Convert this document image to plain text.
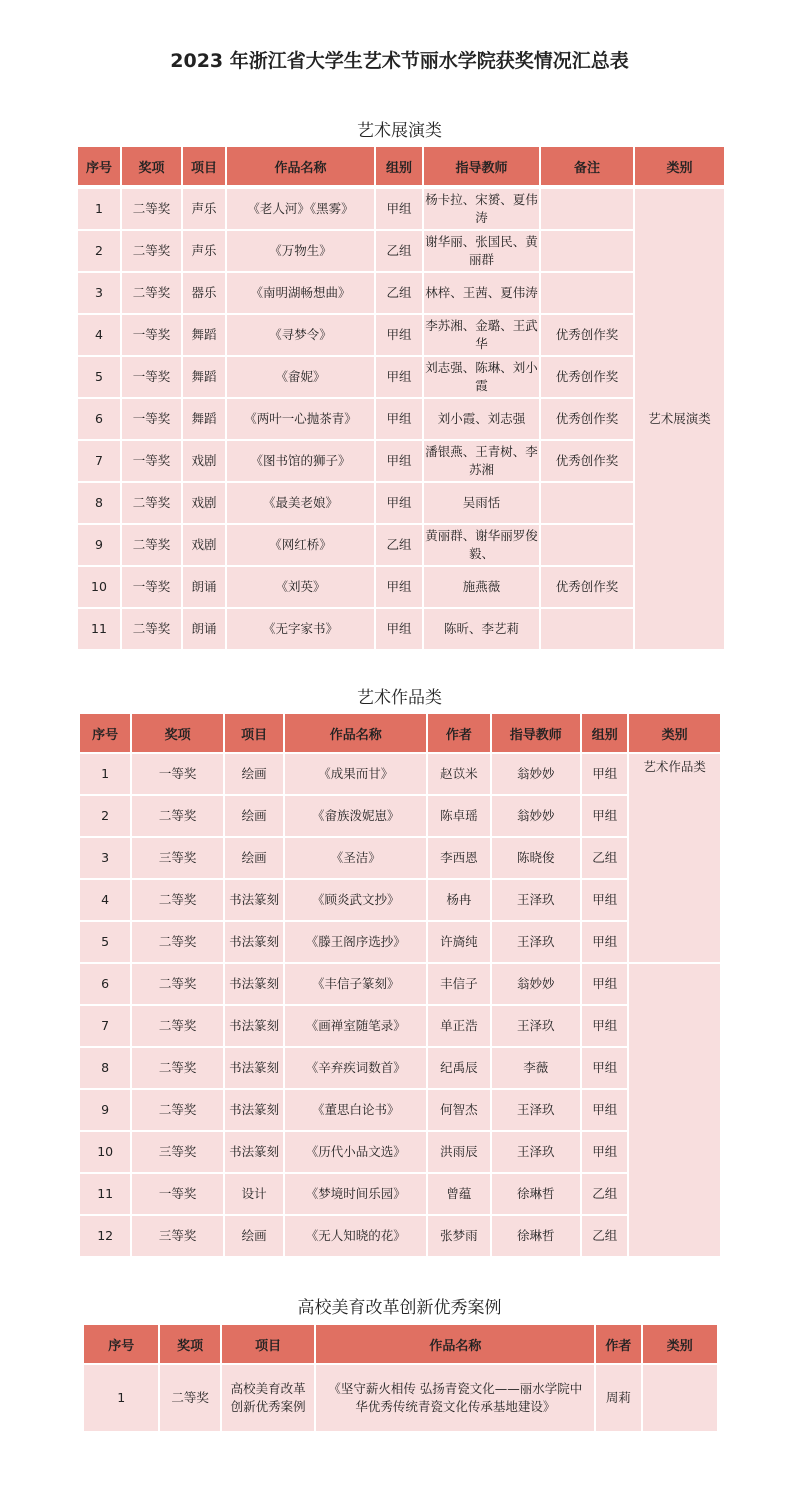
2023 年浙江省大学生艺术节丽水学院获奖情况汇总表
艺术展演类
序号	奖项	项目	作品名称	组别	指导教师	备注	类别

1	二等奖	声乐	《老人河》《黑雾》	甲组	杨卡拉、宋赟、夏伟涛		艺术展演类
2	二等奖	声乐	《万物生》	乙组	谢华丽、张国民、黄丽群		
3	二等奖	器乐	《南明湖畅想曲》	乙组	林梓、王茜、夏伟涛		
4	一等奖	舞蹈	《寻梦令》	甲组	李苏湘、金璐、王武华	优秀创作奖	
5	一等奖	舞蹈	《畲妮》	甲组	刘志强、陈琳、刘小霞	优秀创作奖	
6	一等奖	舞蹈	《两叶一心抛茶青》	甲组	刘小霞、刘志强	优秀创作奖	
7	一等奖	戏剧	《图书馆的狮子》	甲组	潘银燕、王青树、李苏湘	优秀创作奖	
8	二等奖	戏剧	《最美老娘》	甲组	吴雨恬		
9	二等奖	戏剧	《网红桥》	乙组	黄丽群、谢华丽罗俊毅、		
10	一等奖	朗诵	《刘英》	甲组	施燕薇	优秀创作奖	
11	二等奖	朗诵	《无字家书》	甲组	陈昕、李艺莉		
艺术作品类
序号	奖项	项目	作品名称	作者	指导教师	组别	类别
1	一等奖	绘画	《成果而甘》	赵苡米	翁妙妙	甲组	艺术作品类
2	二等奖	绘画	《畲族泼妮崽》	陈卓瑶	翁妙妙	甲组	
3	三等奖	绘画	《圣洁》	李西恩	陈晓俊	乙组	
4	二等奖	书法篆刻	《顾炎武文抄》	杨冉	王泽玖	甲组	
5	二等奖	书法篆刻	《滕王阁序选抄》	许旖纯	王泽玖	甲组	
6	二等奖	书法篆刻	《丰信子篆刻》	丰信子	翁妙妙	甲组	
7	二等奖	书法篆刻	《画禅室随笔录》	单正浩	王泽玖	甲组	
8	二等奖	书法篆刻	《辛弃疾词数首》	纪禹辰	李薇	甲组	
9	二等奖	书法篆刻	《董思白论书》	何智杰	王泽玖	甲组	
10	三等奖	书法篆刻	《历代小品文选》	洪雨辰	王泽玖	甲组	
11	一等奖	设计	《梦境时间乐园》	曾蕴	徐琳哲	乙组	
12	三等奖	绘画	《无人知晓的花》	张梦雨	徐琳哲	乙组	
高校美育改革创新优秀案例
序号	奖项	项目	作品名称	作者	类别
1	二等奖	高校美育改革创新优秀案例	《坚守薪火相传 弘扬青瓷文化——丽水学院中华优秀传统青瓷文化传承基地建设》	周莉	
